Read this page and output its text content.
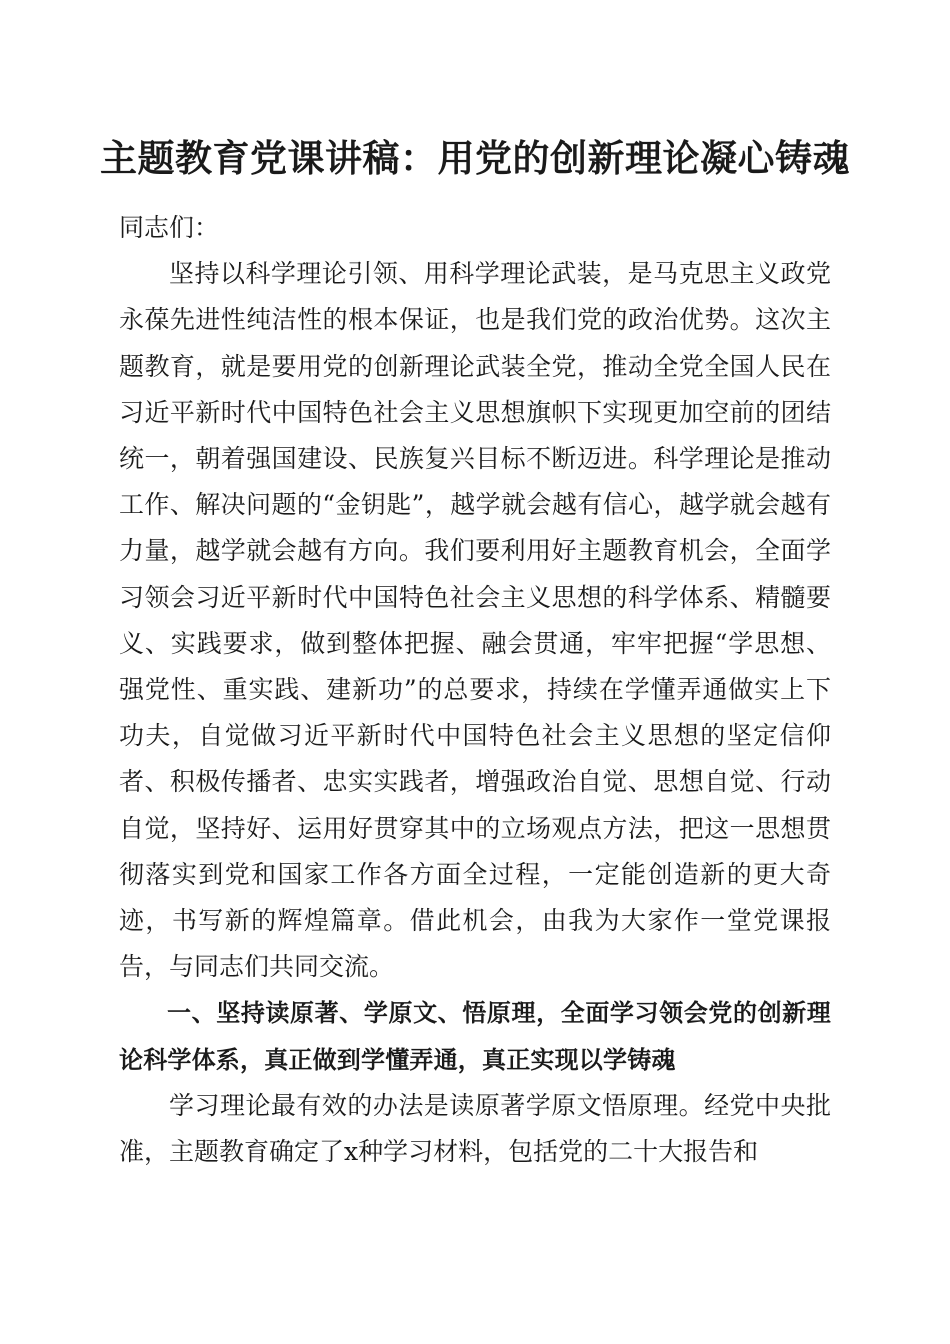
主题教育党课讲稿：用党的创新理论凝心铸魂

同志们：

坚持以科学理论引领、用科学理论武装，是马克思主义政党永葆先进性纯洁性的根本保证，也是我们党的政治优势。这次主题教育，就是要用党的创新理论武装全党，推动全党全国人民在习近平新时代中国特色社会主义思想旗帜下实现更加空前的团结统一，朝着强国建设、民族复兴目标不断迈进。科学理论是推动工作、解决问题的“金钥匙”，越学就会越有信心，越学就会越有力量，越学就会越有方向。我们要利用好主题教育机会，全面学习领会习近平新时代中国特色社会主义思想的科学体系、精髓要义、实践要求，做到整体把握、融会贯通，牢牢把握“学思想、强党性、重实践、建新功”的总要求，持续在学懂弄通做实上下功夫，自觉做习近平新时代中国特色社会主义思想的坚定信仰者、积极传播者、忠实实践者，增强政治自觉、思想自觉、行动自觉，坚持好、运用好贯穿其中的立场观点方法，把这一思想贯彻落实到党和国家工作各方面全过程，一定能创造新的更大奇迹，书写新的辉煌篇章。借此机会，由我为大家作一堂党课报告，与同志们共同交流。

一、坚持读原著、学原文、悟原理，全面学习领会党的创新理论科学体系，真正做到学懂弄通，真正实现以学铸魂

学习理论最有效的办法是读原著学原文悟原理。经党中央批准，主题教育确定了x种学习材料，包括党的二十大报告和
